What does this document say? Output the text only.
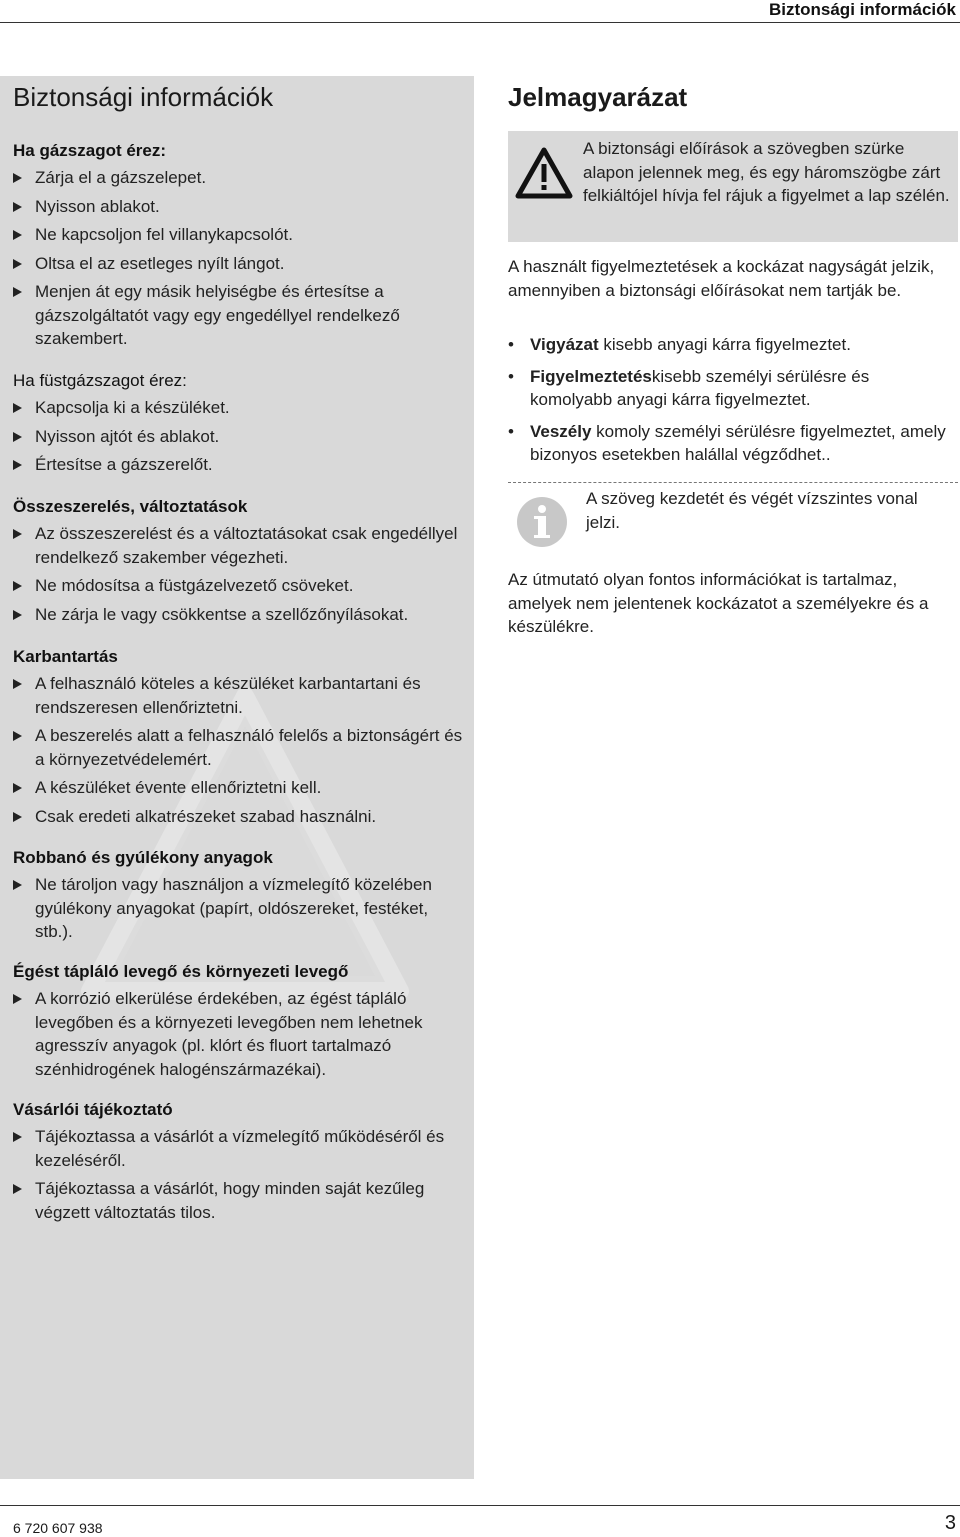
Biztonsági információk
Biztonsági információk

Ha gázszagot érez:

Zárja el a gázszelepet.
Nyisson ablakot.
Ne kapcsoljon fel villanykapcsolót.
Oltsa el az esetleges nyílt lángot.
Menjen át egy másik helyiségbe és értesítse a gázszolgáltatót vagy egy engedéllyel rendelkező szakembert.

Ha füstgázszagot érez:

Kapcsolja ki a készüléket.
Nyisson ajtót és ablakot.
Értesítse a gázszerelőt.

Összeszerelés, változtatások

Az összeszerelést és a változtatásokat csak engedéllyel rendelkező szakember végezheti.
Ne módosítsa a füstgázelvezető csöveket.
Ne zárja le vagy csökkentse a szellőzőnyílásokat.

Karbantartás

A felhasználó köteles a készüléket karbantartani és rendszeresen ellenőriztetni.
A beszerelés alatt a felhasználó felelős a biztonságért és a környezetvédelemért.
A készüléket évente ellenőriztetni kell.
Csak eredeti alkatrészeket szabad használni.

Robbanó és gyúlékony anyagok

Ne tároljon vagy használjon a vízmelegítő közelében gyúlékony anyagokat (papírt, oldószereket, festéket, stb.).

Égést tápláló levegő és környezeti levegő

A korrózió elkerülése érdekében, az égést tápláló levegőben és a környezeti levegőben nem lehetnek agresszív anyagok (pl. klórt és fluort tartalmazó szénhidrogének halogénszármazékai).

Vásárlói tájékoztató

Tájékoztassa a vásárlót a vízmelegítő működéséről és kezeléséről.
Tájékoztassa a vásárlót, hogy minden saját kezűleg végzett változtatás tilos.
Jelmagyarázat
A biztonsági előírások a szövegben szürke alapon jelennek meg, és egy háromszögbe zárt felkiáltójel hívja fel rájuk a figyelmet a lap szélén.
A használt figyelmeztetések a kockázat nagyságát jelzik, amennyiben a biztonsági előírásokat nem tartják be.
• Vigyázat kisebb anyagi kárra figyelmeztet.
• Figyelmeztetéskisebb személyi sérülésre és komolyabb anyagi kárra figyelmeztet.
• Veszély komoly személyi sérülésre figyelmeztet, amely bizonyos esetekben halállal végződhet..
A szöveg kezdetét és végét vízszintes vonal jelzi.
Az útmutató olyan fontos információkat is tartalmaz, amelyek nem jelentenek kockázatot a személyekre és a készülékre.
6 720 607 938	3
